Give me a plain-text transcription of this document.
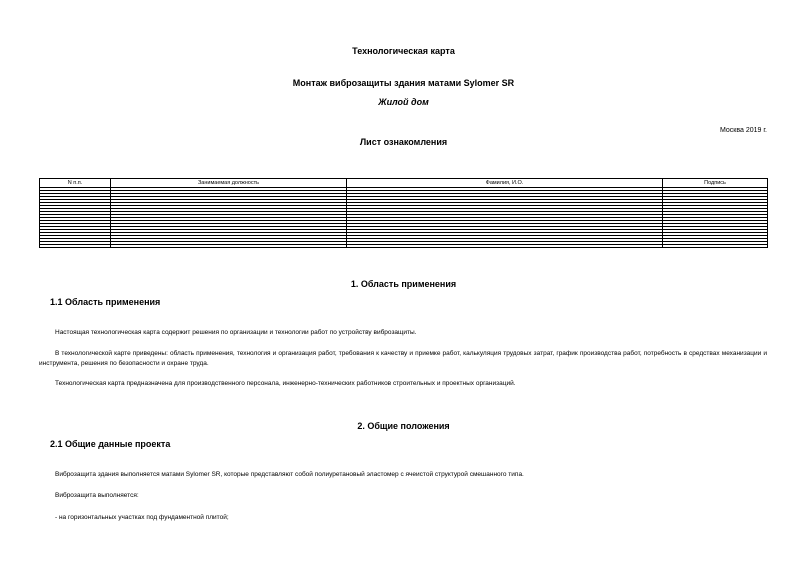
Технологическая карта
Монтаж виброзащиты здания матами Sylomer SR
Жилой дом
Москва 2019 г.
Лист ознакомления
N п.п.	Занимаемая должность	Фамилия, И.О.	Подпись

1. Область применения
1.1 Область применения
Настоящая технологическая карта содержит решения по организации и технологии работ по устройству виброзащиты.
В технологической карте приведены: область применения, технология и организация работ, требования к качеству и приемке работ, калькуляция трудовых затрат, график производства работ, потребность в средствах механизации и инструмента, решения по безопасности и охране труда.
Технологическая карта предназначена для производственного персонала, инженерно-технических работников строительных и проектных организаций.
2. Общие положения
2.1 Общие данные проекта
Виброзащита здания выполняется матами Sylomer SR, которые представляют собой полиуретановый эластомер с ячеистой структурой смешанного типа.
Виброзащита выполняется:
- на горизонтальных участках под фундаментной плитой;
